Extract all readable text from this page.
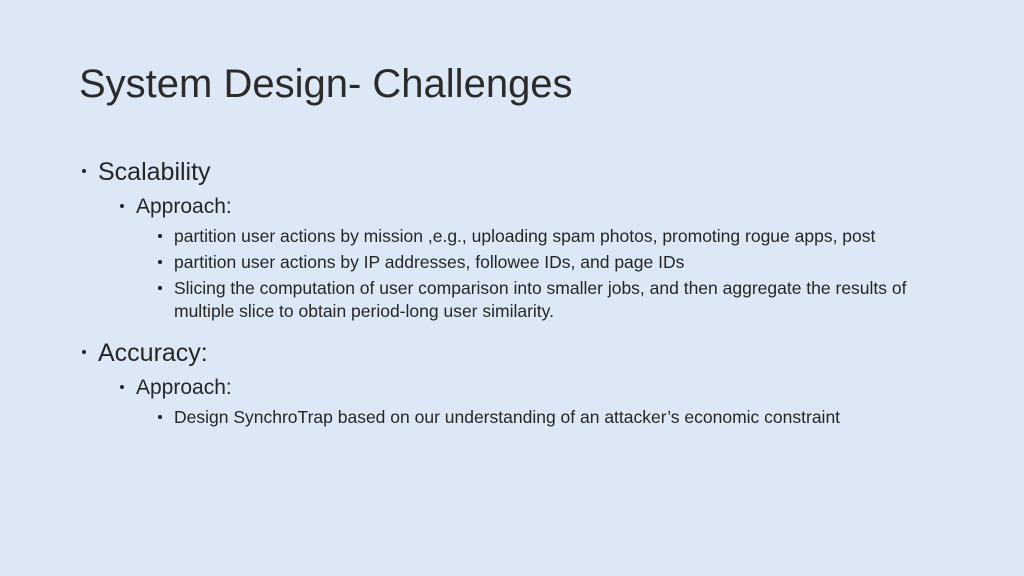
System Design- Challenges
Scalability
Approach:
partition user actions by mission ,e.g., uploading spam photos, promoting rogue apps, post
partition user actions by IP addresses, followee IDs, and page IDs
Slicing the computation of user comparison into smaller jobs, and then aggregate the results of multiple slice to obtain period-long user similarity.
Accuracy:
Approach:
Design SynchroTrap based on our understanding of an attacker’s economic constraint
